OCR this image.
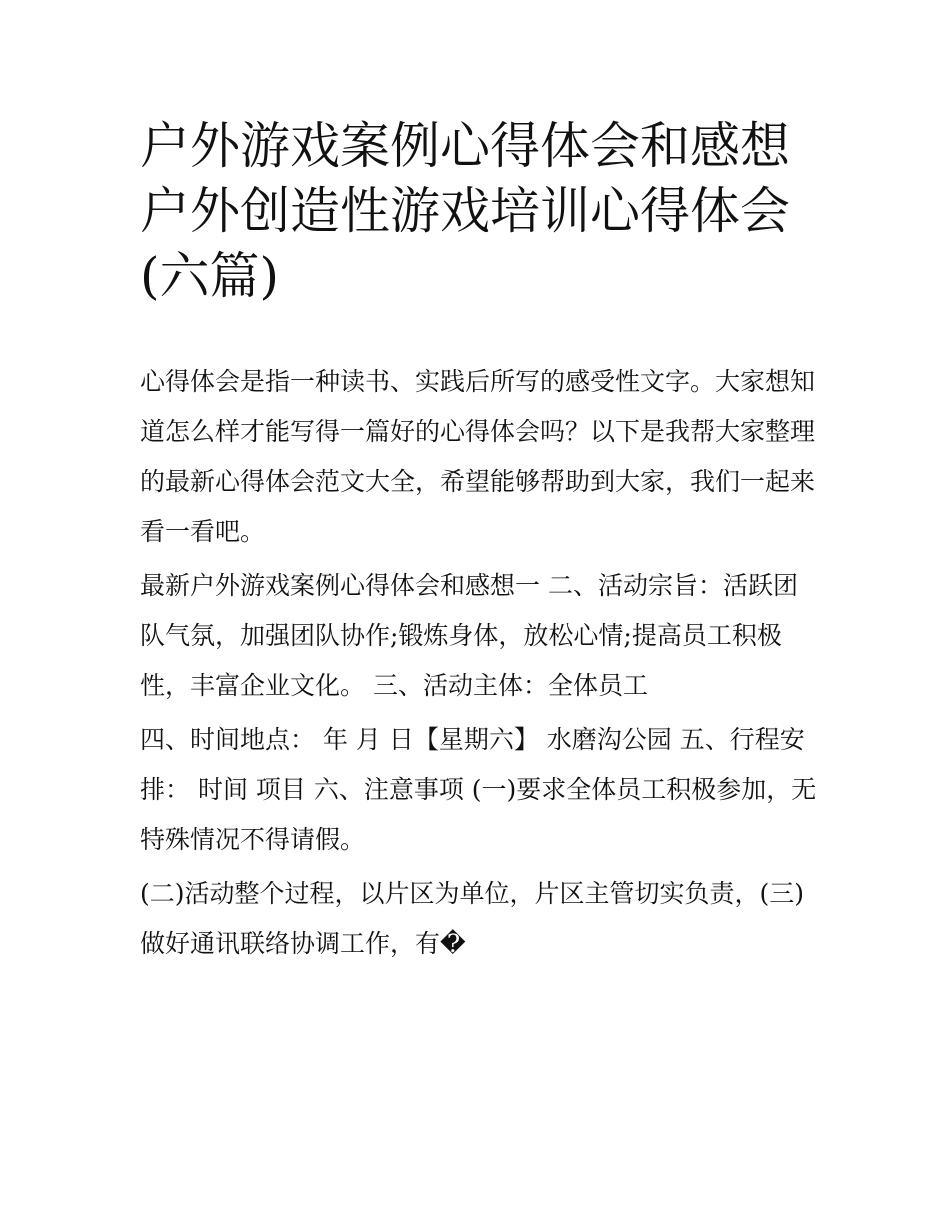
户外游戏案例心得体会和感想
户外创造性游戏培训心得体会
(六篇)

心得体会是指一种读书、实践后所写的感受性文字。大家想知
道怎么样才能写得一篇好的心得体会吗？以下是我帮大家整理
的最新心得体会范文大全，希望能够帮助到大家，我们一起来
看一看吧。

最新户外游戏案例心得体会和感想一 二、活动宗旨：活跃团
队气氛，加强团队协作;锻炼身体，放松心情;提高员工积极
性，丰富企业文化。 三、活动主体：全体员工

四、时间地点： 年 月 日【星期六】 水磨沟公园 五、行程安
排： 时间 项目 六、注意事项 (一)要求全体员工积极参加，无
特殊情况不得请假。

(二)活动整个过程，以片区为单位，片区主管切实负责，(三)
做好通讯联络协调工作，有�
